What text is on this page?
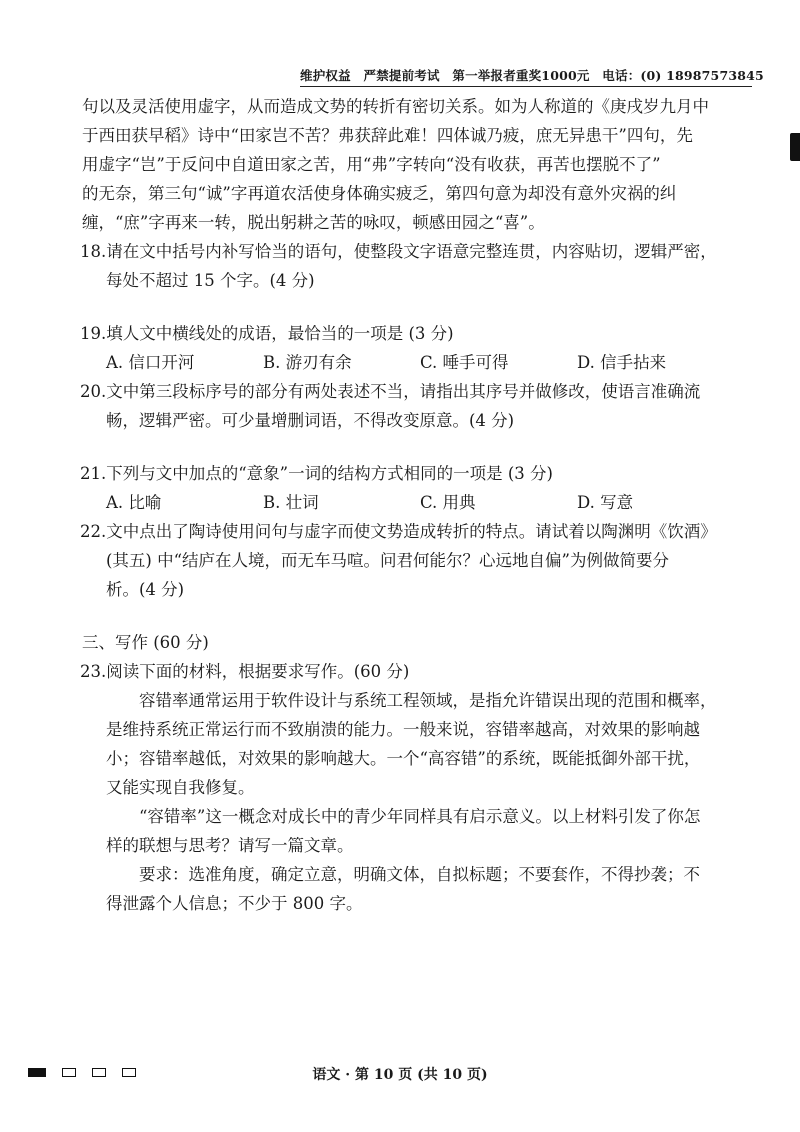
维护权益　严禁提前考试　第一举报者重奖1000元　电话：(0) 18987573845

句以及灵活使用虚字，从而造成文势的转折有密切关系。如为人称道的《庚戌岁九月中

于西田获早稻》诗中“田家岂不苦？弗获辞此难！四体诚乃疲，庶无异患干”四句，先

用虚字“岂”于反问中自道田家之苦，用“弗”字转向“没有收获，再苦也摆脱不了”

的无奈，第三句“诚”字再道农活使身体确实疲乏，第四句意为却没有意外灾祸的纠

缠，“庶”字再来一转，脱出躬耕之苦的咏叹，顿感田园之“喜”。

18.请在文中括号内补写恰当的语句，使整段文字语意完整连贯，内容贴切，逻辑严密，

每处不超过 15 个字。(4 分)

19.填人文中横线处的成语，最恰当的一项是 (3 分)

A. 信口开河	B. 游刃有余	C. 唾手可得	D. 信手拈来

20.文中第三段标序号的部分有两处表述不当，请指出其序号并做修改，使语言准确流

畅，逻辑严密。可少量增删词语，不得改变原意。(4 分)

21.下列与文中加点的“意象”一词的结构方式相同的一项是 (3 分)

A. 比喻	B. 壮词	C. 用典	D. 写意

22.文中点出了陶诗使用问句与虚字而使文势造成转折的特点。请试着以陶渊明《饮酒》

(其五) 中“结庐在人境，而无车马喧。问君何能尔？心远地自偏”为例做简要分

析。(4 分)

三、写作 (60 分)

23.阅读下面的材料，根据要求写作。(60 分)

容错率通常运用于软件设计与系统工程领域，是指允许错误出现的范围和概率，

是维持系统正常运行而不致崩溃的能力。一般来说，容错率越高，对效果的影响越

小；容错率越低，对效果的影响越大。一个“高容错”的系统，既能抵御外部干扰，

又能实现自我修复。

“容错率”这一概念对成长中的青少年同样具有启示意义。以上材料引发了你怎

样的联想与思考？请写一篇文章。

要求：选准角度，确定立意，明确文体，自拟标题；不要套作，不得抄袭；不

得泄露个人信息；不少于 800 字。

语文 · 第 10 页 (共 10 页)
